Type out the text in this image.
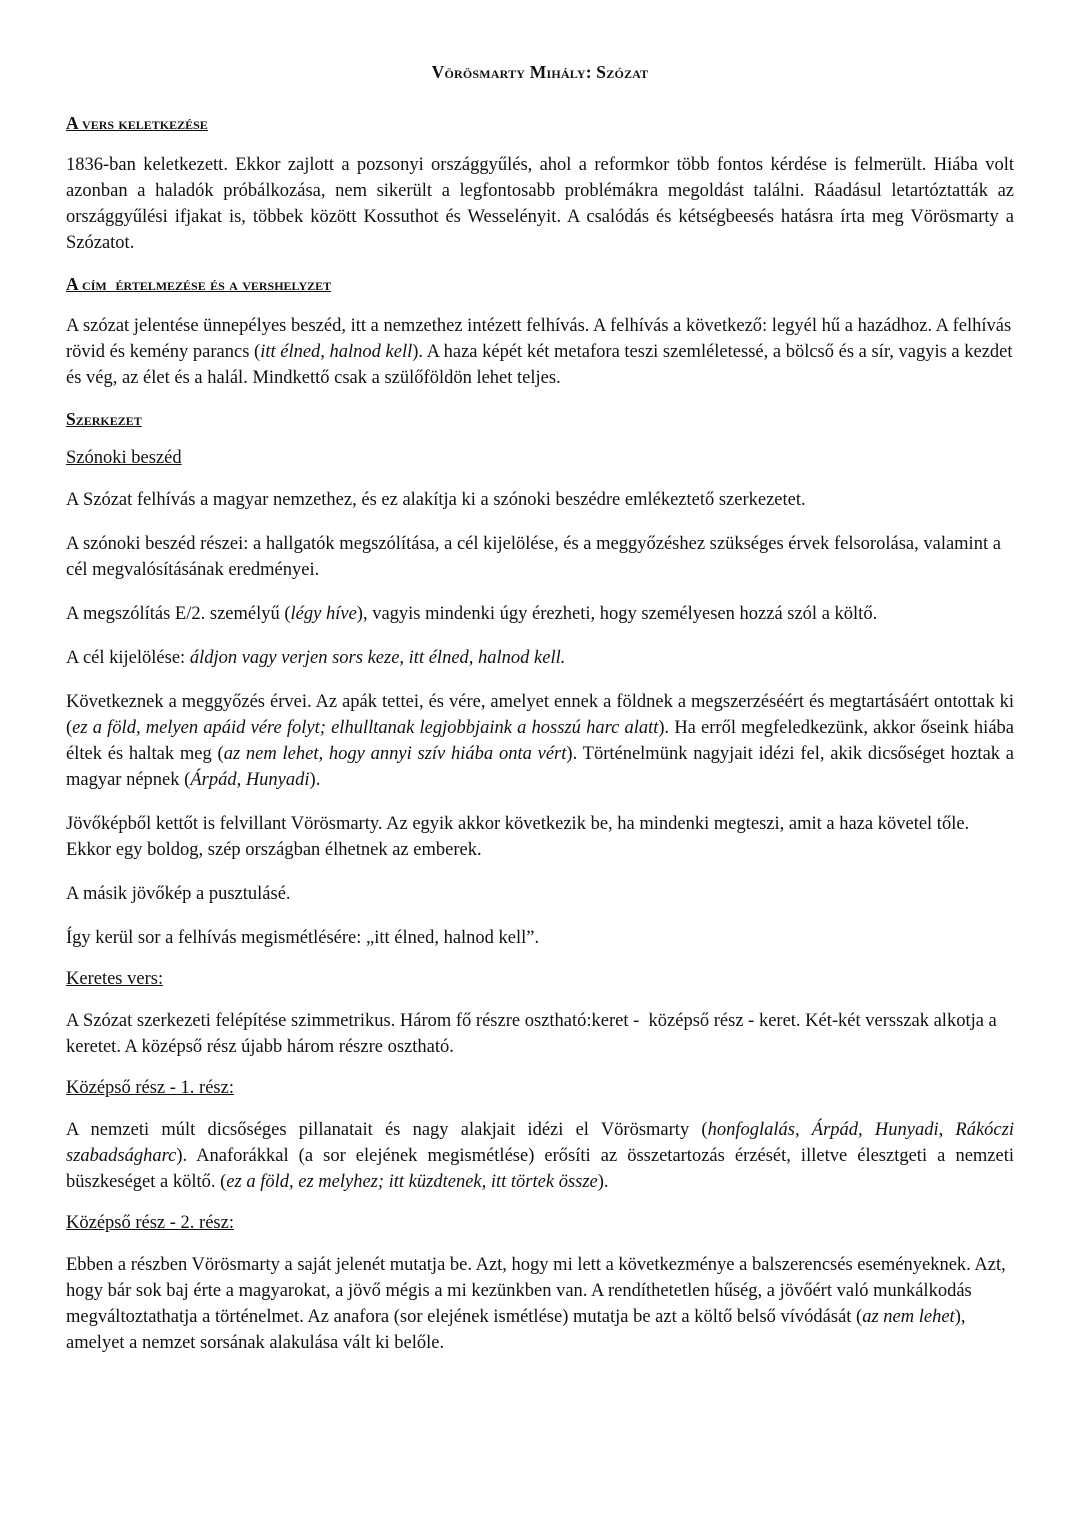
Vörösmarty Mihály: Szózat
A vers keletkezése

1836-ban keletkezett. Ekkor zajlott a pozsonyi országgyűlés, ahol a reformkor több fontos kérdése is felmerült. Hiába volt azonban a haladók próbálkozása, nem sikerült a legfontosabb problémákra megoldást találni. Ráadásul letartóztatták az országgyűlési ifjakat is, többek között Kossuthot és Wesselényit. A csalódás és kétségbeesés hatásra írta meg Vörösmarty a Szózatot.

A cím  értelmezése és a vershelyzet

A szózat jelentése ünnepélyes beszéd, itt a nemzethez intézett felhívás. A felhívás a következő: legyél hű a hazádhoz. A felhívás rövid és kemény parancs (itt élned, halnod kell). A haza képét két metafora teszi szemléletessé, a bölcső és a sír, vagyis a kezdet és vég, az élet és a halál. Mindkettő csak a szülőföldön lehet teljes.

Szerkezet
Szónoki beszéd

A Szózat felhívás a magyar nemzethez, és ez alakítja ki a szónoki beszédre emlékeztető szerkezetet.

A szónoki beszéd részei: a hallgatók megszólítása, a cél kijelölése, és a meggyőzéshez szükséges érvek felsorolása, valamint a cél megvalósításának eredményei.

A megszólítás E/2. személyű (légy híve), vagyis mindenki úgy érezheti, hogy személyesen hozzá szól a költő.

A cél kijelölése: áldjon vagy verjen sors keze, itt élned, halnod kell.

Következnek a meggyőzés érvei. Az apák tettei, és vére, amelyet ennek a földnek a megszerzéséért és megtartásáért ontottak ki (ez a föld, melyen apáid vére folyt; elhulltanak legjobbjaink a hosszú harc alatt). Ha erről megfeledkezünk, akkor őseink hiába éltek és haltak meg (az nem lehet, hogy annyi szív hiába onta vért). Történelmünk nagyjait idézi fel, akik dicsőséget hoztak a magyar népnek (Árpád, Hunyadi).

Jövőképből kettőt is felvillant Vörösmarty. Az egyik akkor következik be, ha mindenki megteszi, amit a haza követel tőle. Ekkor egy boldog, szép országban élhetnek az emberek.

A másik jövőkép a pusztulásé.

Így kerül sor a felhívás megismétlésére: „itt élned, halnod kell”.

Keretes vers:

A Szózat szerkezeti felépítése szimmetrikus. Három fő részre osztható:keret -  középső rész - keret. Két-két versszak alkotja a keretet. A középső rész újabb három részre osztható.

Középső rész - 1. rész:

A nemzeti múlt dicsőséges pillanatait és nagy alakjait idézi el Vörösmarty (honfoglalás, Árpád, Hunyadi, Rákóczi szabadságharc). Anaforákkal (a sor elejének megismétlése) erősíti az összetartozás érzését, illetve élesztgeti a nemzeti büszkeséget a költő. (ez a föld, ez melyhez; itt küzdtenek, itt törtek össze).

Középső rész - 2. rész:

Ebben a részben Vörösmarty a saját jelenét mutatja be. Azt, hogy mi lett a következménye a balszerencsés eseményeknek. Azt, hogy bár sok baj érte a magyarokat, a jövő mégis a mi kezünkben van. A rendíthetetlen hűség, a jövőért való munkálkodás megváltoztathatja a történelmet. Az anafora (sor elejének ismétlése) mutatja be azt a költő belső vívódását (az nem lehet), amelyet a nemzet sorsának alakulása vált ki belőle.
